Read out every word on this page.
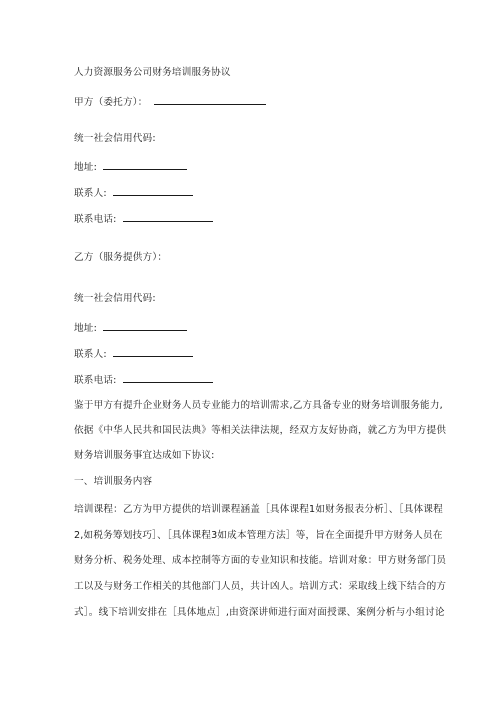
人力资源服务公司财务培训服务协议
甲方（委托方）：
统一社会信用代码:
地址:
联系人:
联系电话:
乙方（服务提供方）：
统一社会信用代码:
地址:
联系人:
联系电话:
鉴于甲方有提升企业财务人员专业能力的培训需求,乙方具备专业的财务培训服务能力,
依据《中华人民共和国民法典》等相关法律法规，经双方友好协商，就乙方为甲方提供
财务培训服务事宜达成如下协议:
一、培训服务内容
培训课程：乙方为甲方提供的培训课程涵盖［具体课程1如财务报表分析］、［具体课程
2,如税务筹划技巧］、［具体课程3如成本管理方法］等，旨在全面提升甲方财务人员在
财务分析、税务处理、成本控制等方面的专业知识和技能。培训对象：甲方财务部门员
工以及与财务工作相关的其他部门人员，共计凶人。培训方式：采取线上线下结合的方
式］。线下培训安排在［具体地点］,由资深讲师进行面对面授课、案例分析与小组讨论
